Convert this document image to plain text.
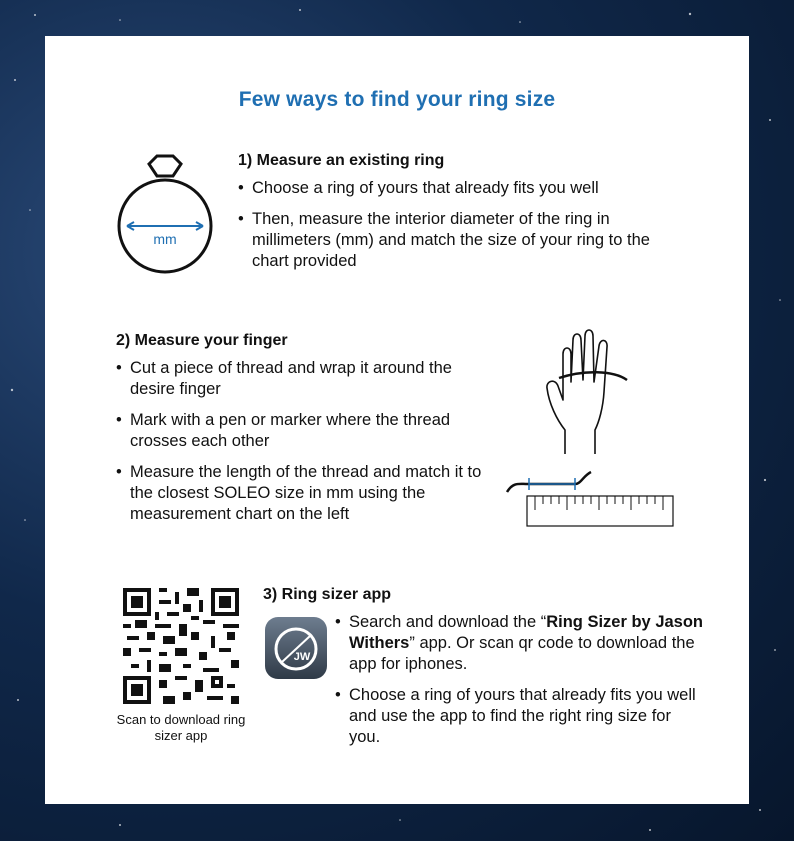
Few ways to find your ring size
mm
1) Measure an existing ring
• Choose a ring of yours that already fits you well
• Then, measure the interior diameter of the ring in millimeters (mm) and match the size of your ring to the chart provided
2) Measure your finger
• Cut a piece of thread and wrap it around the desire finger
• Mark with a pen or marker where the thread crosses each other
• Measure the length of the thread and match it to the closest SOLEO size in mm using the measurement chart on the left
Scan to download ring sizer app
JW
3) Ring sizer app
• Search and download the “Ring Sizer by Jason Withers” app. Or scan qr code to download the app for iphones.
• Choose a ring of yours that already fits you well and use the app to find the right ring size for you.
